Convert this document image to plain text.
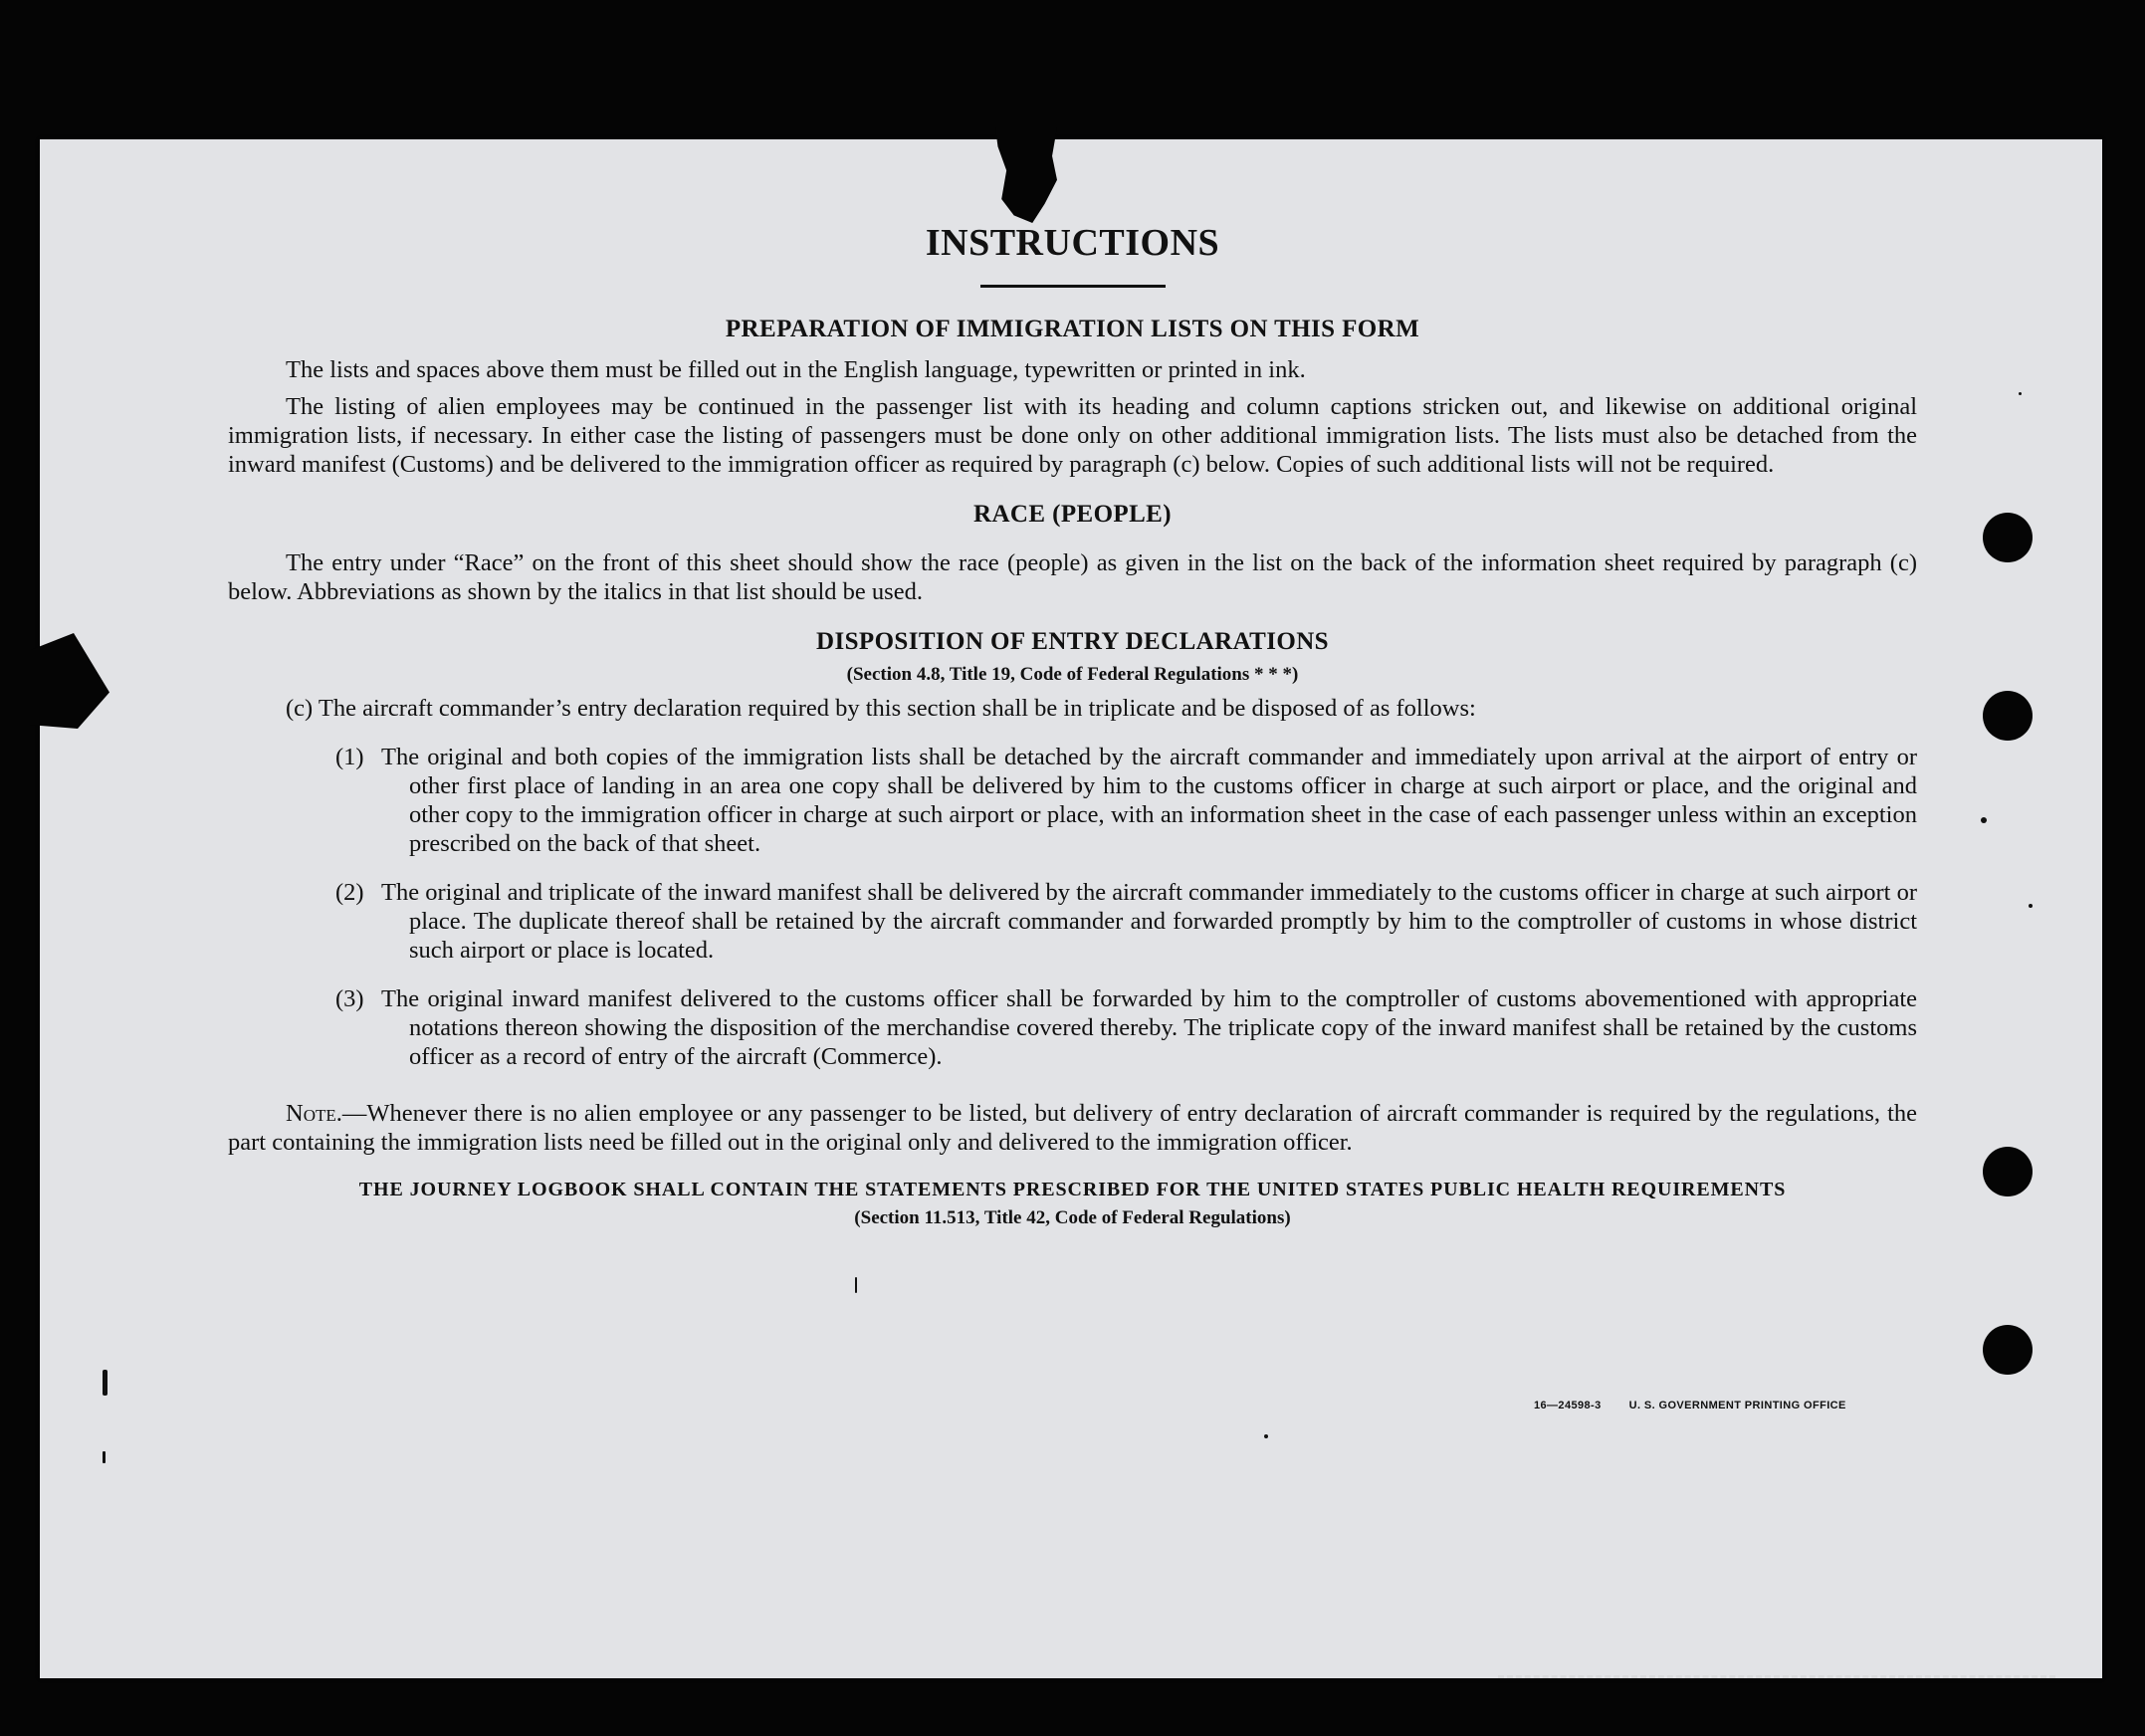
INSTRUCTIONS
PREPARATION OF IMMIGRATION LISTS ON THIS FORM

The lists and spaces above them must be filled out in the English language, typewritten or printed in ink.

The listing of alien employees may be continued in the passenger list with its heading and column captions stricken out, and likewise on additional original immigration lists, if necessary. In either case the listing of passengers must be done only on other additional immigration lists. The lists must also be detached from the inward manifest (Customs) and be delivered to the immigration officer as required by paragraph (c) below. Copies of such additional lists will not be required.

RACE (PEOPLE)

The entry under “Race” on the front of this sheet should show the race (people) as given in the list on the back of the information sheet required by paragraph (c) below. Abbreviations as shown by the italics in that list should be used.

DISPOSITION OF ENTRY DECLARATIONS
(Section 4.8, Title 19, Code of Federal Regulations * * *)

(c) The aircraft commander’s entry declaration required by this section shall be in triplicate and be disposed of as follows:

(1) The original and both copies of the immigration lists shall be detached by the aircraft commander and immediately upon arrival at the airport of entry or other first place of landing in an area one copy shall be delivered by him to the customs officer in charge at such airport or place, and the original and other copy to the immigration officer in charge at such airport or place, with an information sheet in the case of each passenger unless within an exception prescribed on the back of that sheet.

(2) The original and triplicate of the inward manifest shall be delivered by the aircraft commander immediately to the customs officer in charge at such airport or place. The duplicate thereof shall be retained by the aircraft commander and forwarded promptly by him to the comptroller of customs in whose district such airport or place is located.

(3) The original inward manifest delivered to the customs officer shall be forwarded by him to the comptroller of customs abovementioned with appropriate notations thereon showing the disposition of the merchandise covered thereby. The triplicate copy of the inward manifest shall be retained by the customs officer as a record of entry of the aircraft (Commerce).

Note.—Whenever there is no alien employee or any passenger to be listed, but delivery of entry declaration of aircraft commander is required by the regulations, the part containing the immigration lists need be filled out in the original only and delivered to the immigration officer.

THE JOURNEY LOGBOOK SHALL CONTAIN THE STATEMENTS PRESCRIBED FOR THE UNITED STATES PUBLIC HEALTH REQUIREMENTS
(Section 11.513, Title 42, Code of Federal Regulations)
16—24598-3	U. S. GOVERNMENT PRINTING OFFICE
